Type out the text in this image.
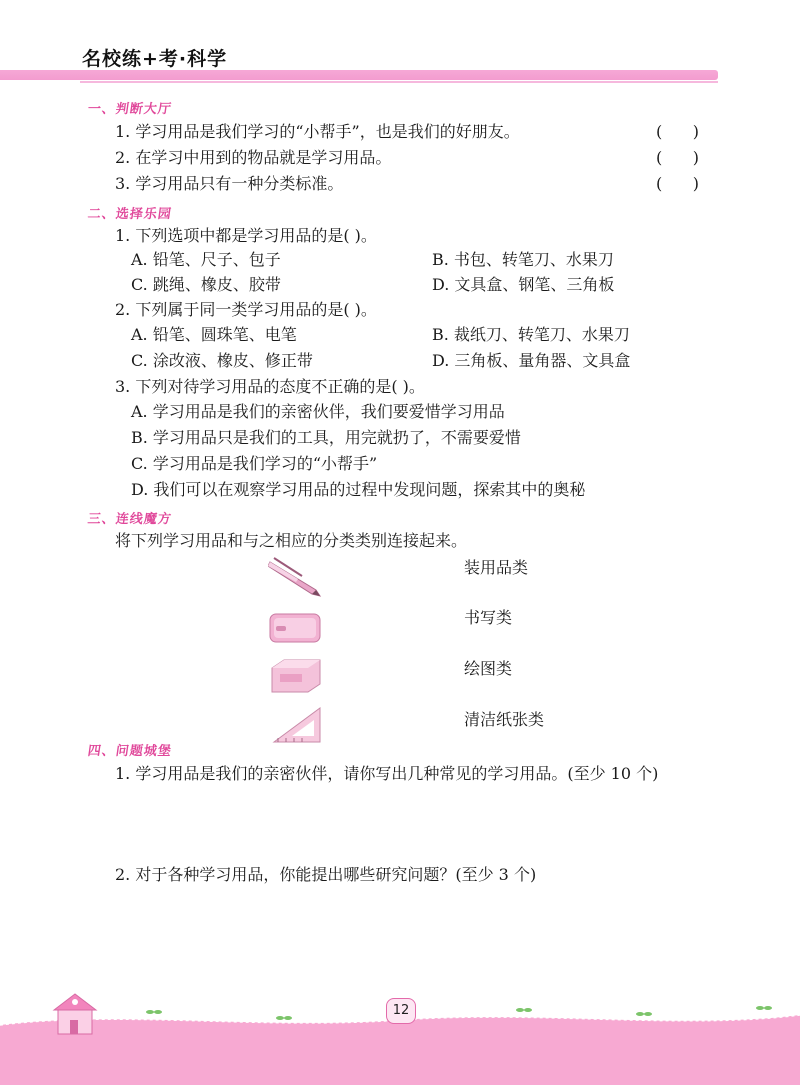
名校练+考·科学
一、判断大厅
1. 学习用品是我们学习的“小帮手”，也是我们的好朋友。	(      )
2. 在学习中用到的物品就是学习用品。	(      )
3. 学习用品只有一种分类标准。	(      )
二、选择乐园
1. 下列选项中都是学习用品的是( )。
A. 铅笔、尺子、包子	B. 书包、转笔刀、水果刀
C. 跳绳、橡皮、胶带	D. 文具盒、钢笔、三角板
2. 下列属于同一类学习用品的是( )。
A. 铅笔、圆珠笔、电笔	B. 裁纸刀、转笔刀、水果刀
C. 涂改液、橡皮、修正带	D. 三角板、量角器、文具盒
3. 下列对待学习用品的态度不正确的是( )。
A. 学习用品是我们的亲密伙伴，我们要爱惜学习用品
B. 学习用品只是我们的工具，用完就扔了，不需要爱惜
C. 学习用品是我们学习的“小帮手”
D. 我们可以在观察学习用品的过程中发现问题，探索其中的奥秘
三、连线魔方
将下列学习用品和与之相应的分类类别连接起来。
装用品类
书写类
绘图类
清洁纸张类
四、问题城堡
1. 学习用品是我们的亲密伙伴，请你写出几种常见的学习用品。(至少 10 个)
2. 对于各种学习用品，你能提出哪些研究问题？(至少 3 个)
12
